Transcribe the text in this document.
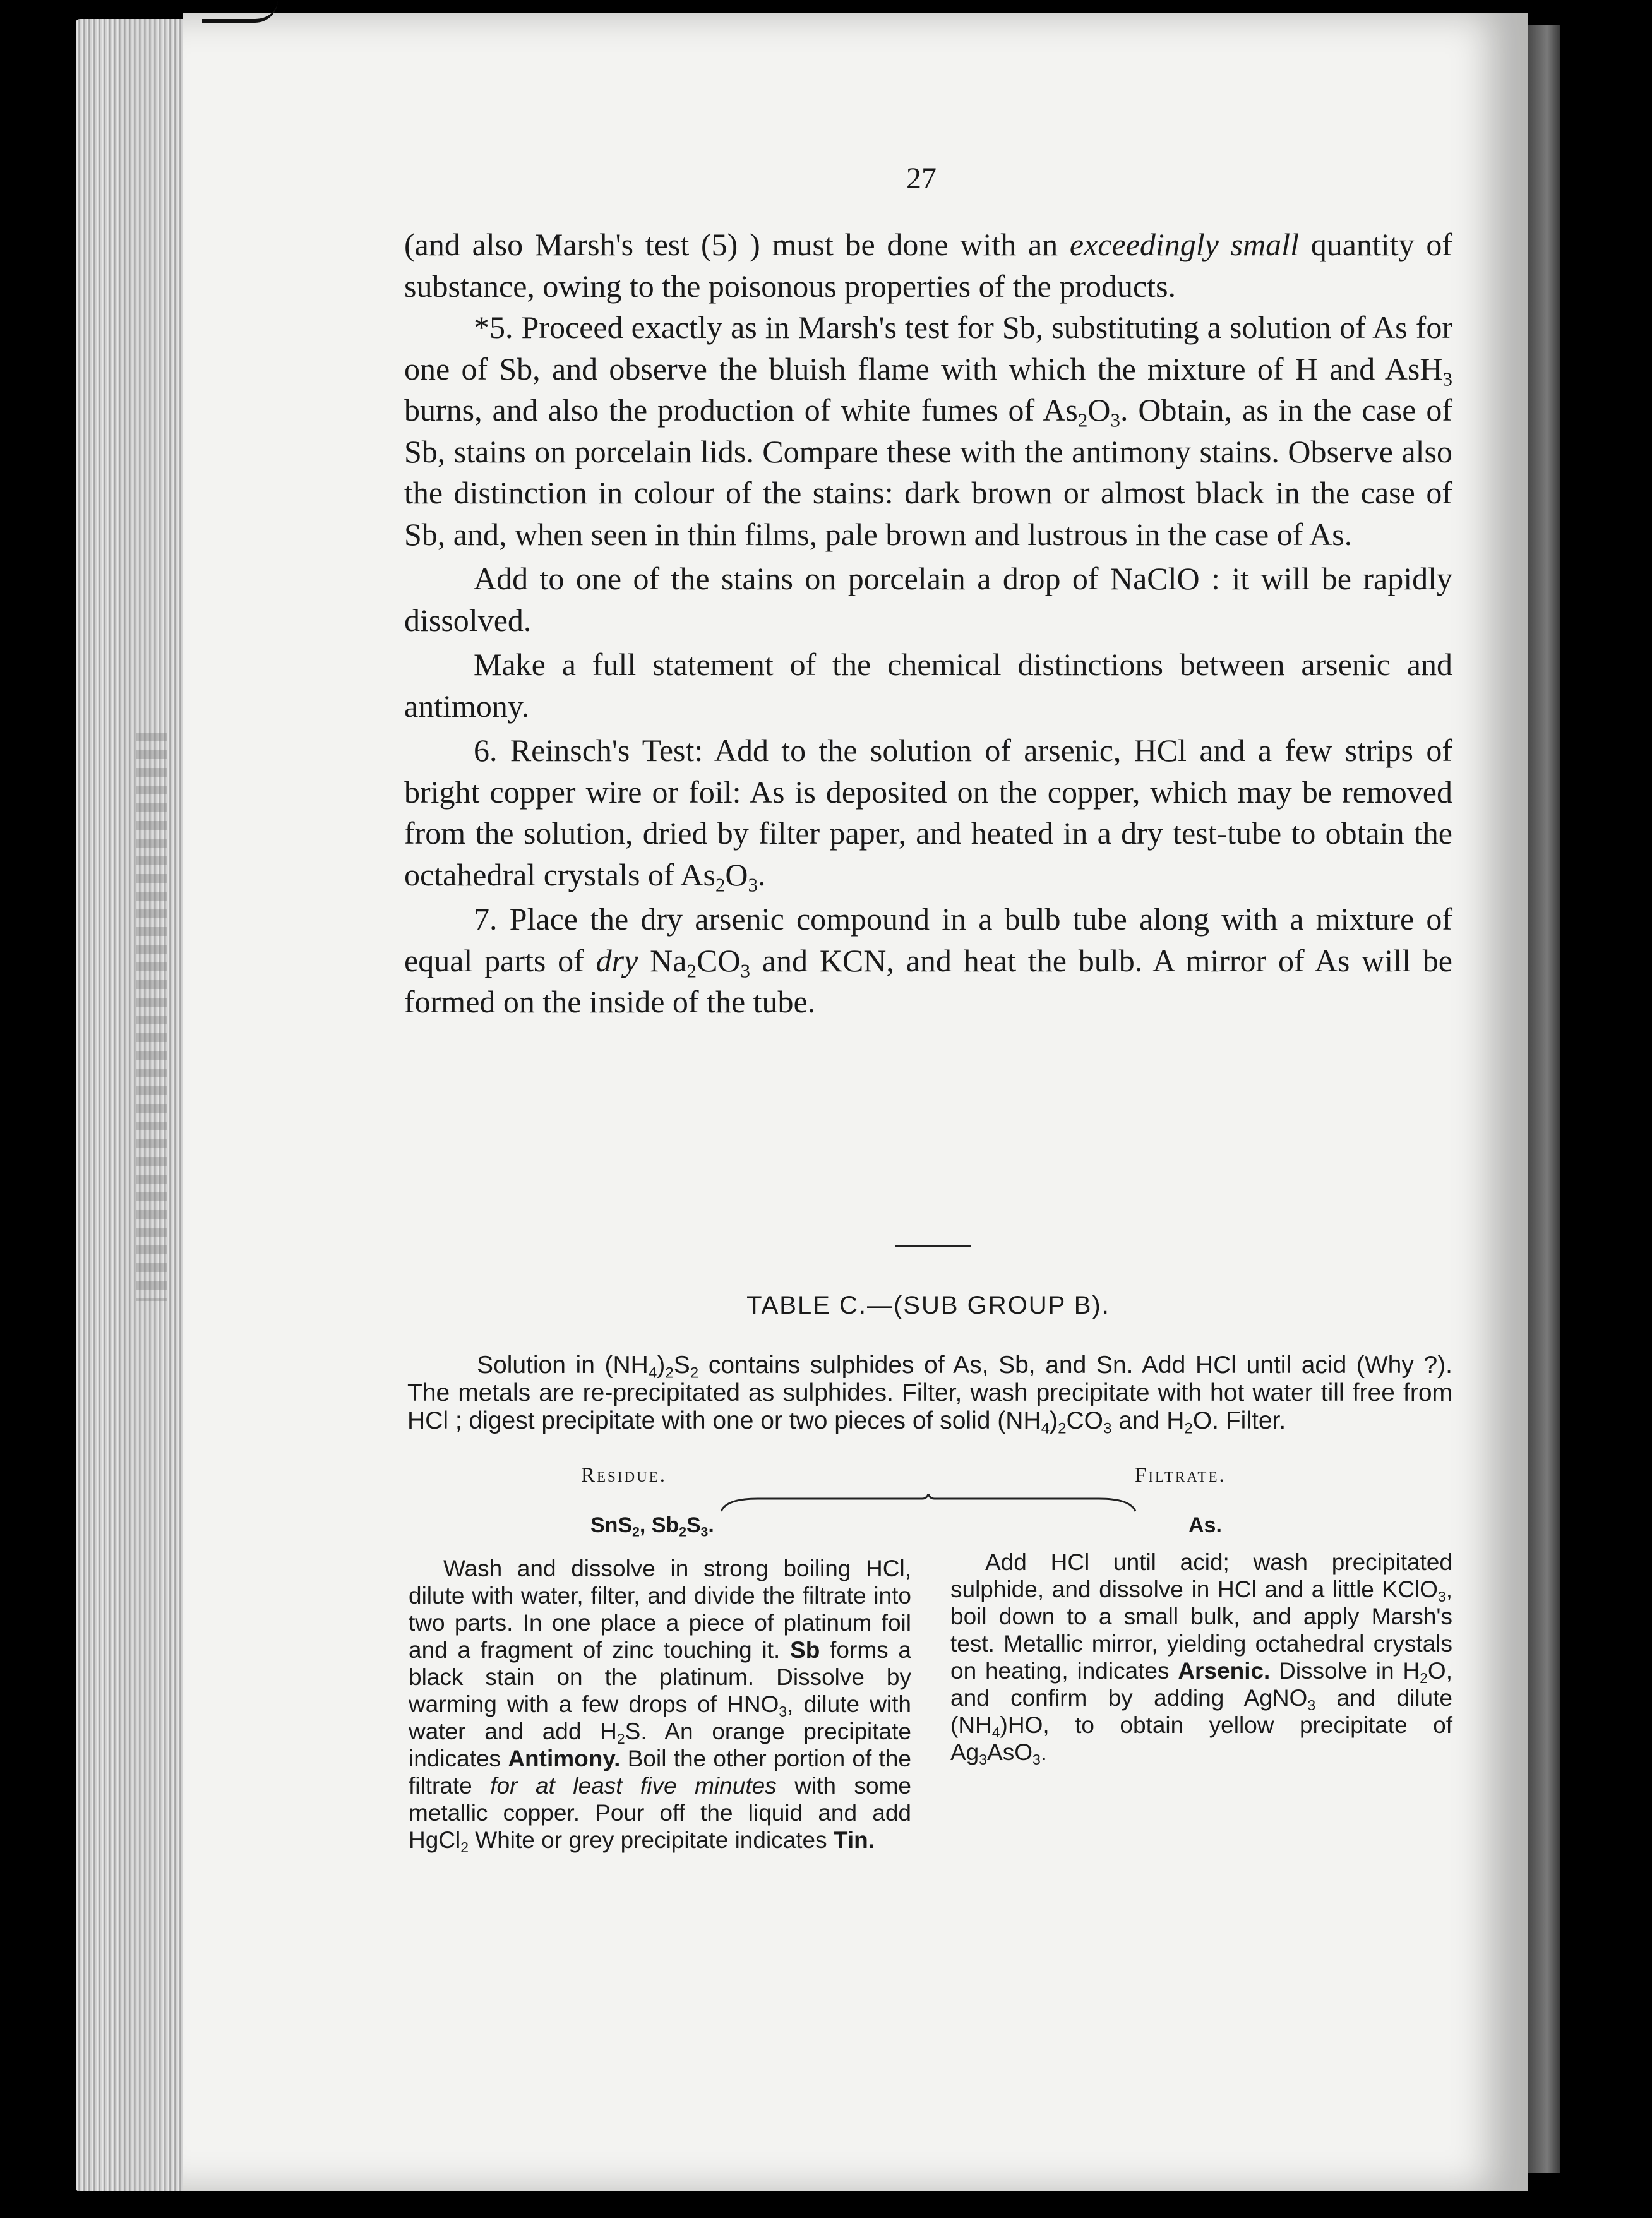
27

(and also Marsh's test (5) ) must be done with an exceedingly small quantity of substance, owing to the poisonous properties of the products.

*5. Proceed exactly as in Marsh's test for Sb, substituting a solution of As for one of Sb, and observe the bluish flame with which the mixture of H and AsH$_3$ burns, and also the production of white fumes of $As_2O_3$. Obtain, as in the case of Sb, stains on porcelain lids. Compare these with the antimony stains. Observe also the distinction in colour of the stains: dark brown or almost black in the case of Sb, and, when seen in thin films, pale brown and lustrous in the case of As.

Add to one of the stains on porcelain a drop of NaClO : it will be rapidly dissolved.

Make a full statement of the chemical distinctions between arsenic and antimony.

6. Reinsch's Test: Add to the solution of arsenic, HCl and a few strips of bright copper wire or foil: As is deposited on the copper, which may be removed from the solution, dried by filter paper, and heated in a dry test-tube to obtain the octahedral crystals of $As_2O_3$.

7. Place the dry arsenic compound in a bulb tube along with a mixture of equal parts of dry $Na_2CO_3$ and KCN, and heat the bulb. A mirror of As will be formed on the inside of the tube.

TABLE C.—(SUB GROUP B).

Solution in $(NH_4)_2S_2$ contains sulphides of As, Sb, and Sn. Add HCl until acid (Why ?). The metals are re-precipitated as sulphides. Filter, wash precipitate with hot water till free from HCl ; digest precipitate with one or two pieces of solid $(NH_4)_2CO_3$ and $H_2O$. Filter.

Residue.	Filtrate.
SnS$_2$, $Sb_2S_3$.	As.

Wash and dissolve in strong boiling HCl, dilute with water, filter, and divide the filtrate into two parts. In one place a piece of platinum foil and a fragment of zinc touching it. Sb forms a black stain on the platinum. Dissolve by warming with a few drops of $HNO_3$, dilute with water and add $H_2S$. An orange precipitate indicates Antimony. Boil the other portion of the filtrate for at least five minutes with some metallic copper. Pour off the liquid and add HgCl$_2$ White or grey precipitate indicates Tin.

Add HCl until acid; wash precipitated sulphide, and dissolve in HCl and a little KClO$_3$, boil down to a small bulk, and apply Marsh's test. Metallic mirror, yielding octahedral crystals on heating, indicates Arsenic. Dissolve in $H_2O$, and confirm by adding AgNO$_3$ and dilute $(NH_4)HO$, to obtain yellow precipitate of $Ag_3AsO_3$.
